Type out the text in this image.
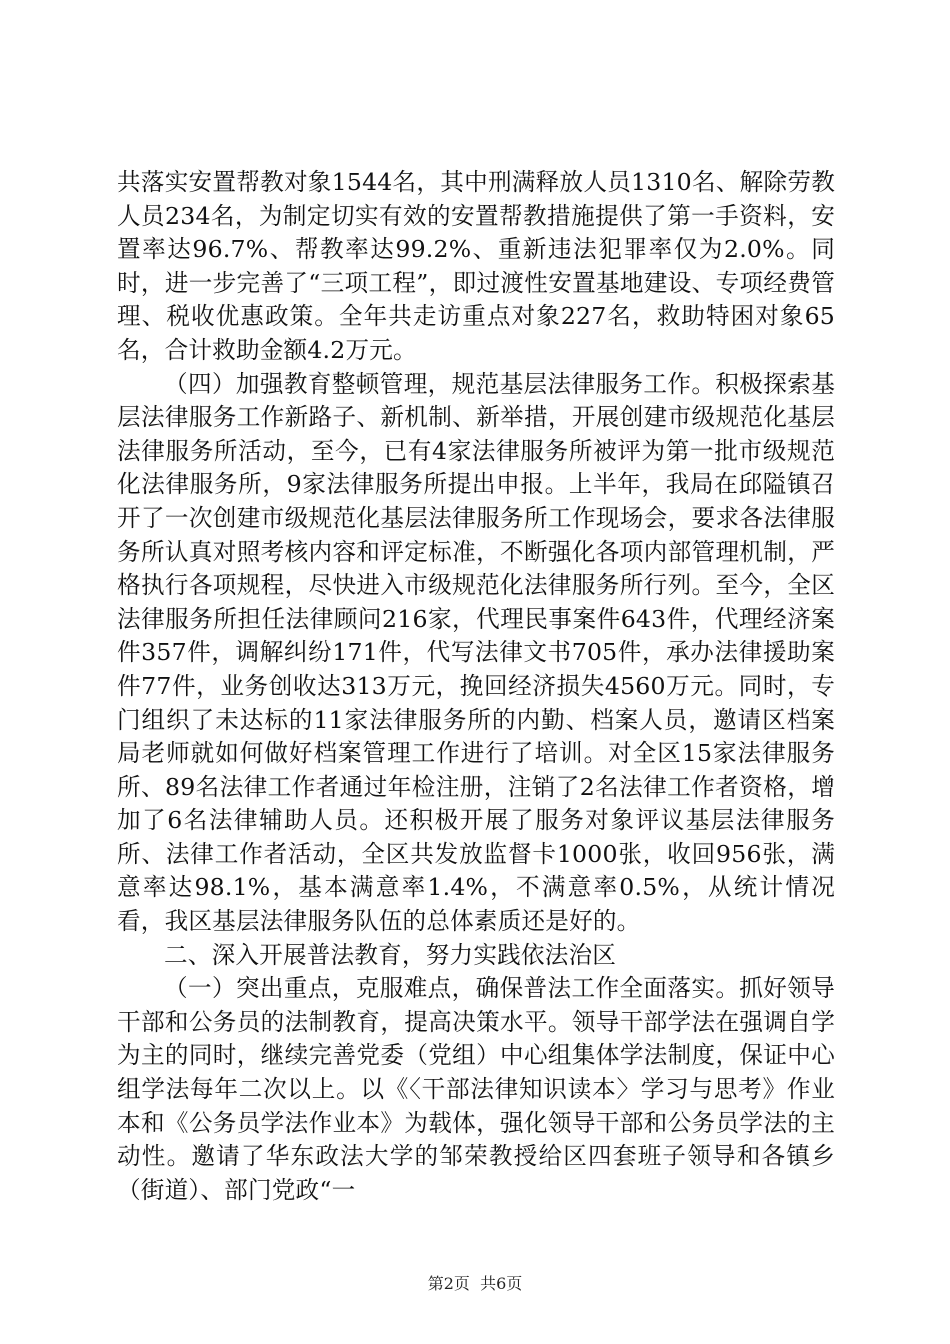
共落实安置帮教对象1544名，其中刑满释放人员1310名、解除劳教人员234名，为制定切实有效的安置帮教措施提供了第一手资料，安置率达96.7%、帮教率达99.2%、重新违法犯罪率仅为2.0%。同时，进一步完善了“三项工程”，即过渡性安置基地建设、专项经费管理、税收优惠政策。全年共走访重点对象227名，救助特困对象65名，合计救助金额4.2万元。

（四）加强教育整顿管理，规范基层法律服务工作。积极探索基层法律服务工作新路子、新机制、新举措，开展创建市级规范化基层法律服务所活动，至今，已有4家法律服务所被评为第一批市级规范化法律服务所，9家法律服务所提出申报。上半年，我局在邱隘镇召开了一次创建市级规范化基层法律服务所工作现场会，要求各法律服务所认真对照考核内容和评定标准，不断强化各项内部管理机制，严格执行各项规程，尽快进入市级规范化法律服务所行列。至今，全区法律服务所担任法律顾问216家，代理民事案件643件，代理经济案件357件，调解纠纷171件，代写法律文书705件，承办法律援助案件77件，业务创收达313万元，挽回经济损失4560万元。同时，专门组织了未达标的11家法律服务所的内勤、档案人员，邀请区档案局老师就如何做好档案管理工作进行了培训。对全区15家法律服务所、89名法律工作者通过年检注册，注销了2名法律工作者资格，增加了6名法律辅助人员。还积极开展了服务对象评议基层法律服务所、法律工作者活动，全区共发放监督卡1000张，收回956张，满意率达98.1%，基本满意率1.4%，不满意率0.5%，从统计情况看，我区基层法律服务队伍的总体素质还是好的。

二、深入开展普法教育，努力实践依法治区

（一）突出重点，克服难点，确保普法工作全面落实。抓好领导干部和公务员的法制教育，提高决策水平。领导干部学法在强调自学为主的同时，继续完善党委（党组）中心组集体学法制度，保证中心组学法每年二次以上。以《〈干部法律知识读本〉学习与思考》作业本和《公务员学法作业本》为载体，强化领导干部和公务员学法的主动性。邀请了华东政法大学的邹荣教授给区四套班子领导和各镇乡（街道）、部门党政“一

第2页  共6页
